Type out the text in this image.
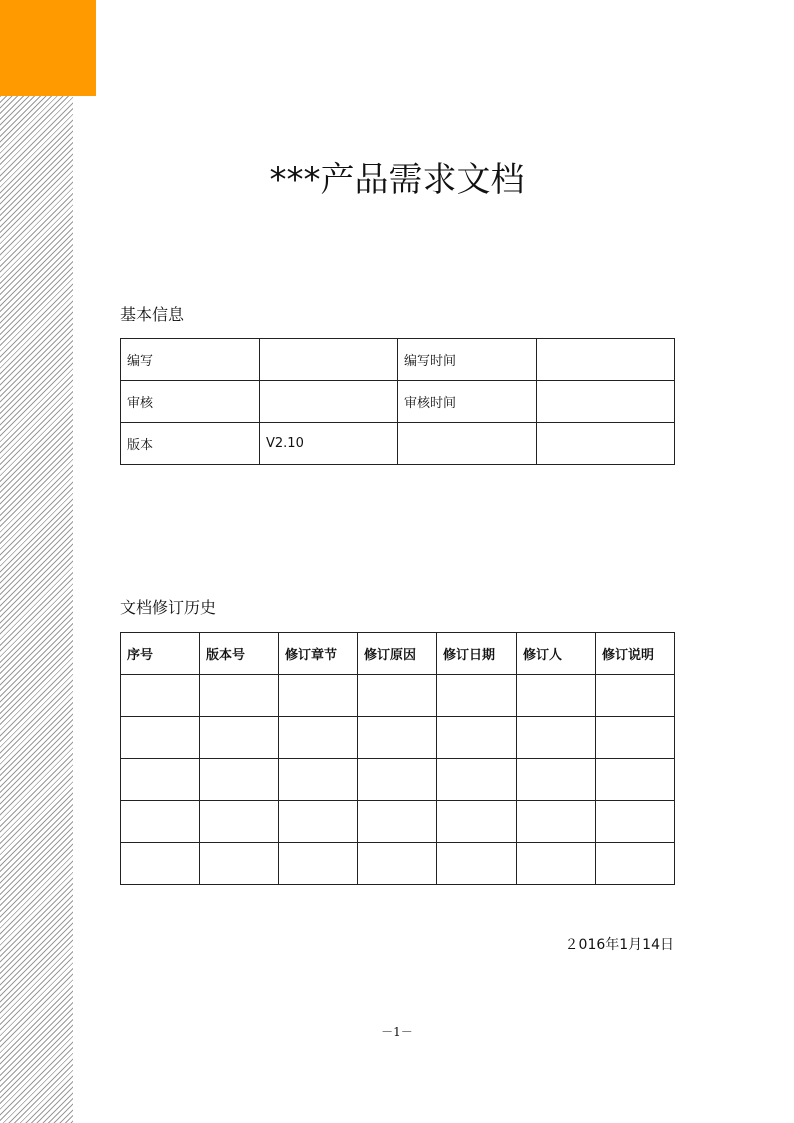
***产品需求文档
基本信息
编写		编写时间	
审核		审核时间	
版本	V2.10		
文档修订历史
序号	版本号	修订章节	修订原因	修订日期	修订人	修订说明

２016年1月14日

－1－
